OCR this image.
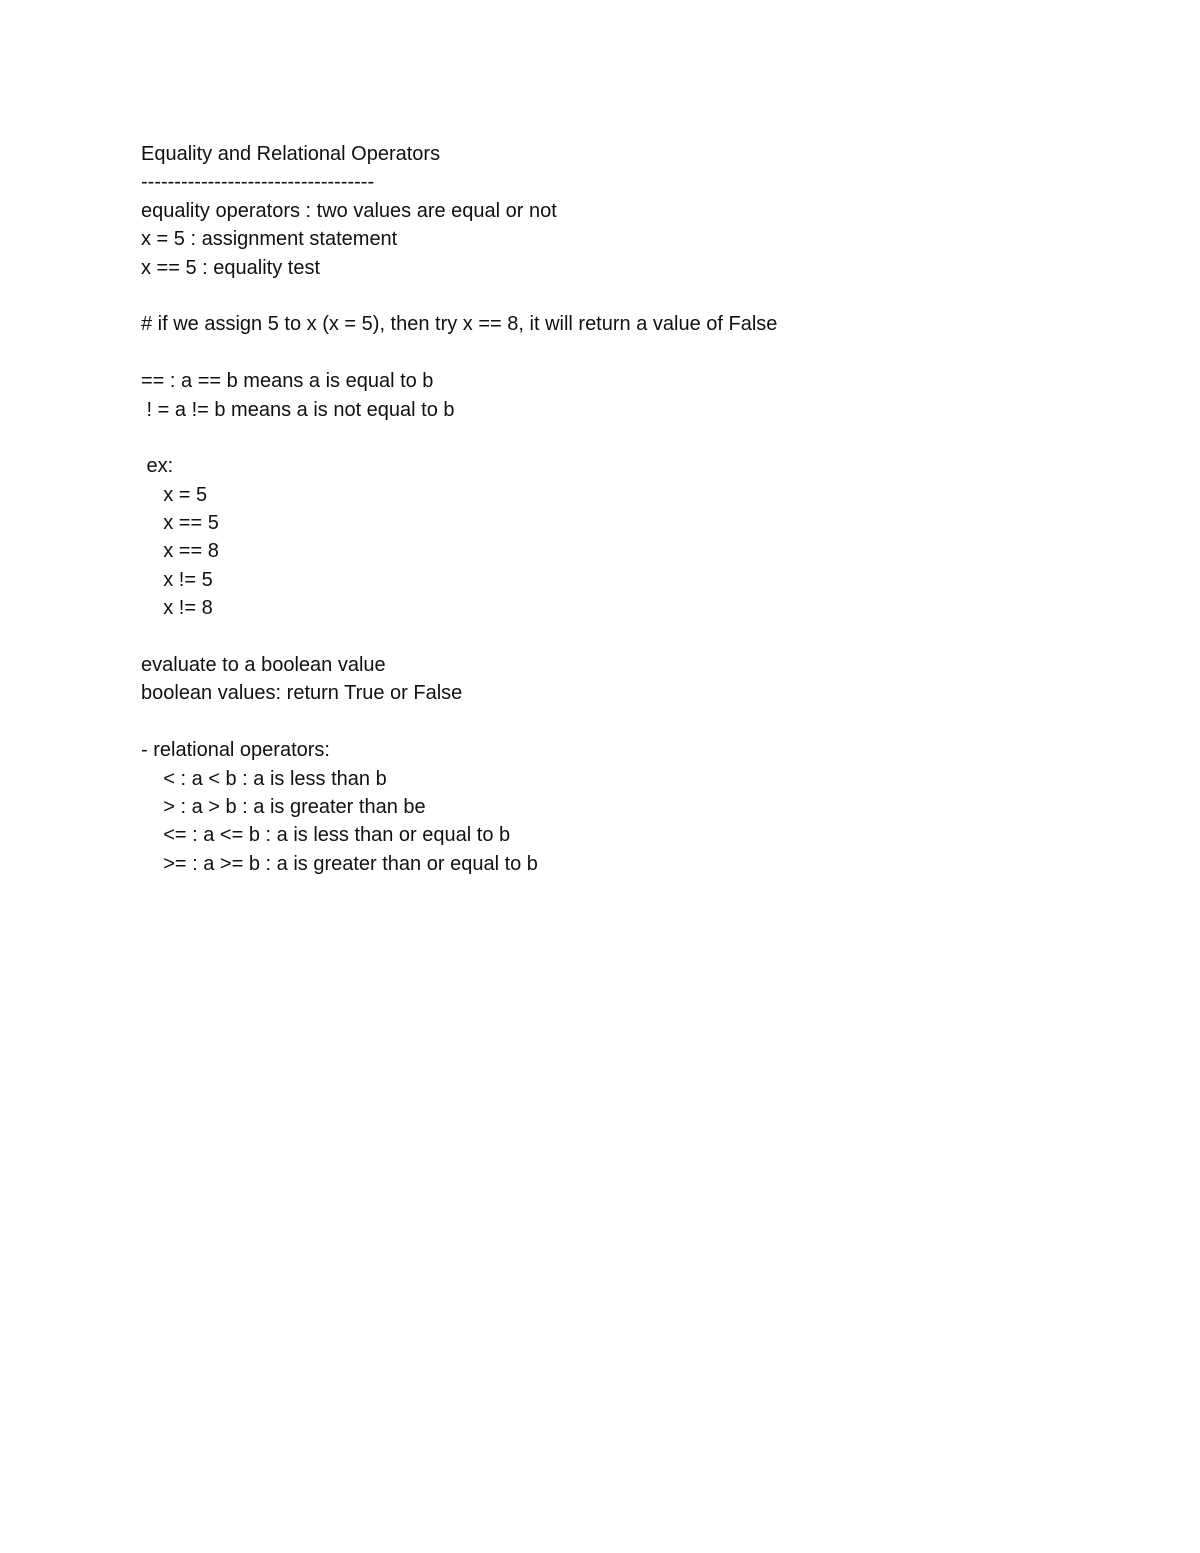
Equality and Relational Operators
-----------------------------------
equality operators : two values are equal or not
x = 5 : assignment statement
x == 5 : equality test
# if we assign 5 to x (x = 5), then try x == 8, it will return a value of False
== : a == b means a is equal to b
! = a != b means a is not equal to b
ex:
x = 5
x == 5
x == 8
x != 5
x != 8
evaluate to a boolean value
boolean values: return True or False
- relational operators:
< : a < b : a is less than b
> : a > b : a is greater than be
<= : a <= b : a is less than or equal to b
>= : a >= b : a is greater than or equal to b
